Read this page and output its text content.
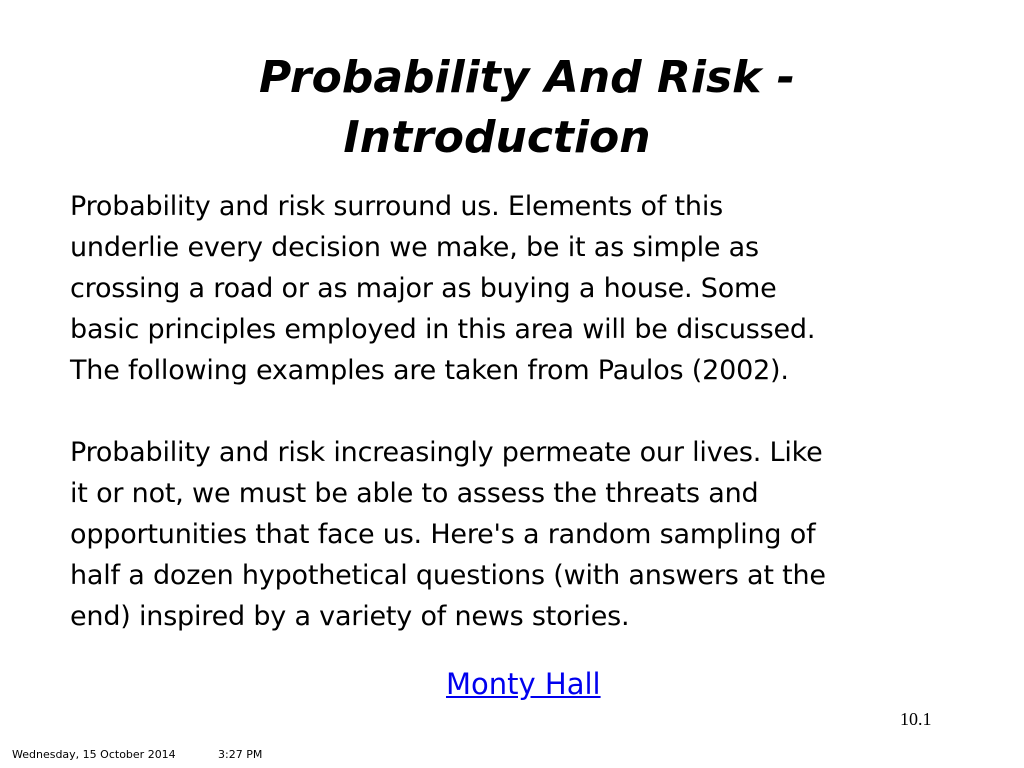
Probability And Risk -
Introduction

Probability and risk surround us. Elements of this

underlie every decision we make, be it as simple as

crossing a road or as major as buying a house. Some

basic principles employed in this area will be discussed.

The following examples are taken from Paulos (2002).

Probability and risk increasingly permeate our lives. Like

it or not, we must be able to assess the threats and

opportunities that face us. Here's a random sampling of

half a dozen hypothetical questions (with answers at the

end) inspired by a variety of news stories.

Monty Hall
10.1
Wednesday, 15 October 2014	3:27 PM
